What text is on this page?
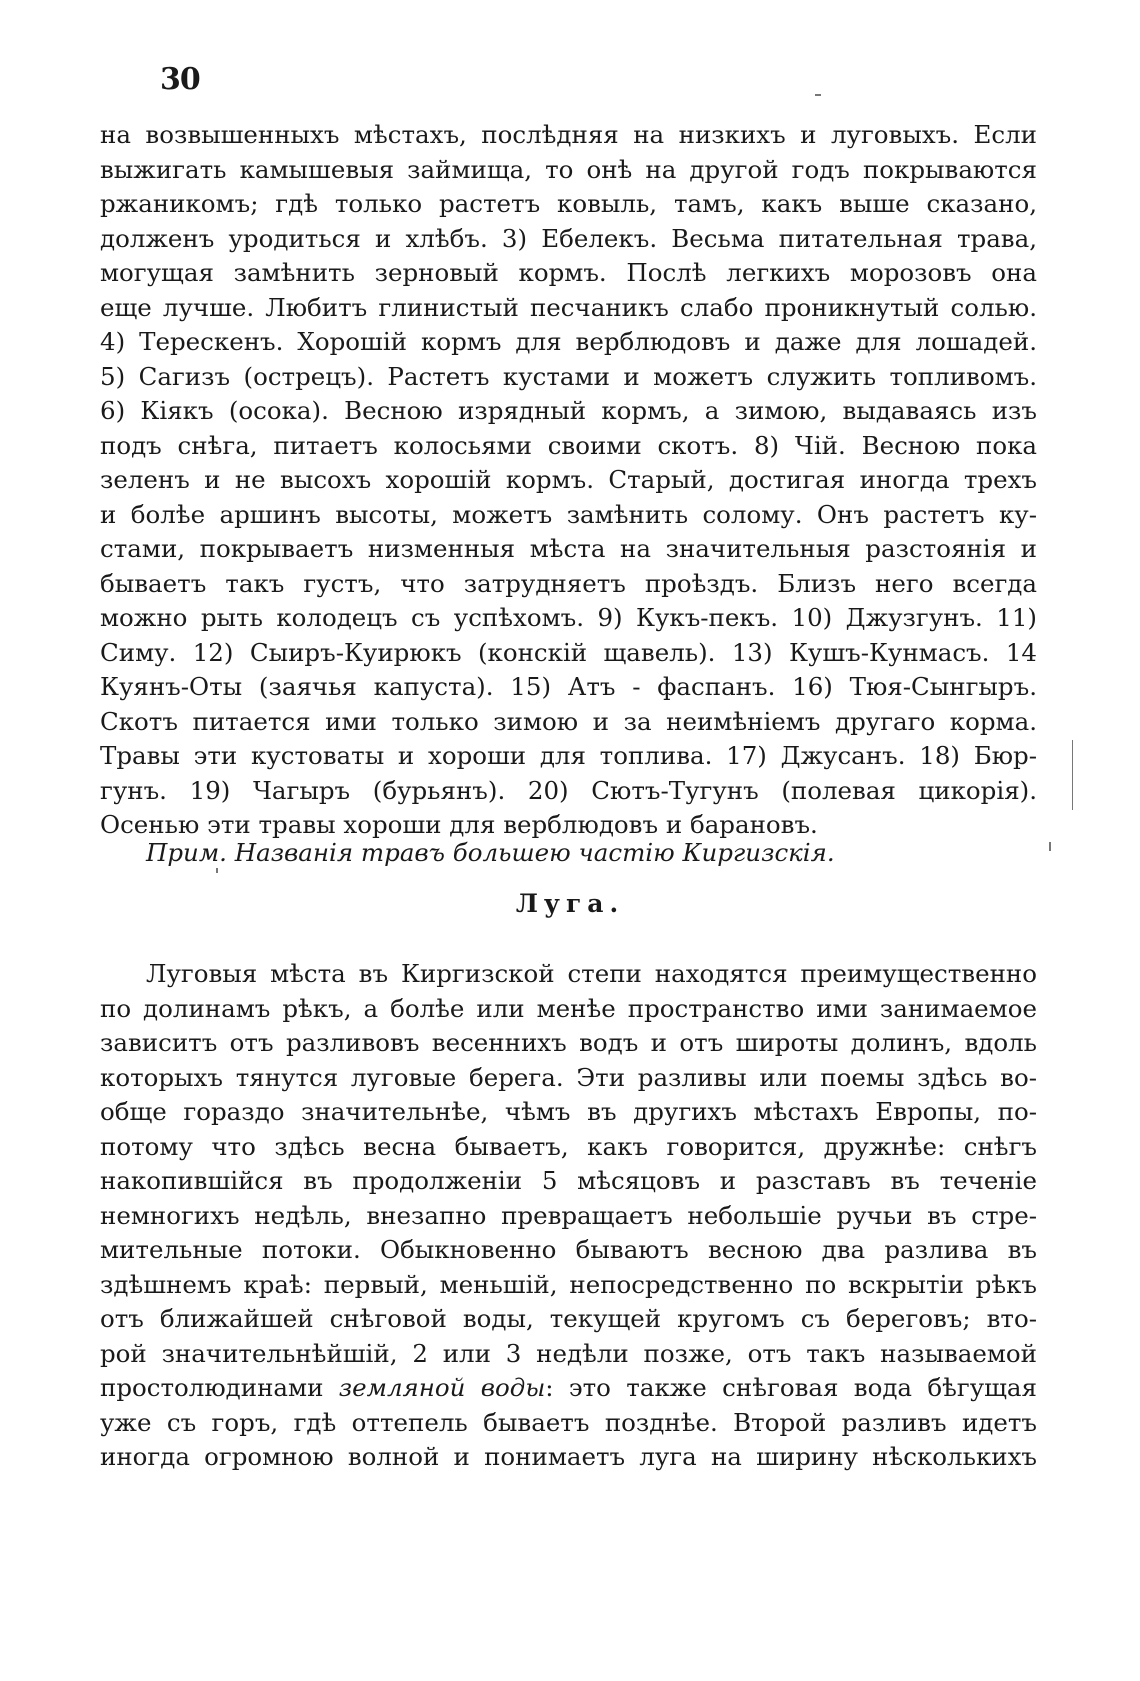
30
на возвышенныхъ мѣстахъ, послѣдняя на низкихъ и луговыхъ. Если
выжигать камышевыя займища, то онѣ на другой годъ покрываются
ржаникомъ; гдѣ только растетъ ковыль, тамъ, какъ выше сказано,
долженъ уродиться и хлѣбъ. 3) Ебелекъ. Весьма питательная трава,
могущая замѣнить зерновый кормъ. Послѣ легкихъ морозовъ она
еще лучше. Любитъ глинистый песчаникъ слабо проникнутый солью.
4) Терескенъ. Хорошій кормъ для верблюдовъ и даже для лошадей.
5) Сагизъ (острецъ). Растетъ кустами и можетъ служить топливомъ.
6) Кіякъ (осока). Весною изрядный кормъ, а зимою, выдаваясь изъ
подъ снѣга, питаетъ колосьями своими скотъ. 8) Чій. Весною пока
зеленъ и не высохъ хорошій кормъ. Старый, достигая иногда трехъ
и болѣе аршинъ высоты, можетъ замѣнить солому. Онъ растетъ ку-
стами, покрываетъ низменныя мѣста на значительныя разстоянія и
бываетъ такъ густъ, что затрудняетъ проѣздъ. Близъ него всегда
можно рыть колодецъ съ успѣхомъ. 9) Кукъ-пекъ. 10) Джузгунъ. 11)
Симу. 12) Сыиръ-Куирюкъ (конскій щавель). 13) Кушъ-Кунмасъ. 14
Куянъ-Оты (заячья капуста). 15) Атъ - фаспанъ. 16) Тюя-Сынгыръ.
Скотъ питается ими только зимою и за неимѣніемъ другаго корма.
Травы эти кустоваты и хороши для топлива. 17) Джусанъ. 18) Бюр-
гунъ. 19) Чагыръ (бурьянъ). 20) Сютъ-Тугунъ (полевая цикорія).
Осенью эти травы хороши для верблюдовъ и барановъ.
Прим. Названія травъ большею частію Киргизскія.
Луга.
Луговыя мѣста въ Киргизской степи находятся преимущественно
по долинамъ рѣкъ, а болѣе или менѣе пространство ими занимаемое
зависитъ отъ разливовъ весеннихъ водъ и отъ широты долинъ, вдоль
которыхъ тянутся луговые берега. Эти разливы или поемы здѣсь во-
обще гораздо значительнѣе, чѣмъ въ другихъ мѣстахъ Европы, по-
потому что здѣсь весна бываетъ, какъ говорится, дружнѣе: снѣгъ
накопившійся въ продолженіи 5 мѣсяцовъ и разставъ въ теченіе
немногихъ недѣль, внезапно превращаетъ небольшіе ручьи въ стре-
мительные потоки. Обыкновенно бываютъ весною два разлива въ
здѣшнемъ краѣ: первый, меньшій, непосредственно по вскрытіи рѣкъ
отъ ближайшей снѣговой воды, текущей кругомъ съ береговъ; вто-
рой значительнѣйшій, 2 или 3 недѣли позже, отъ такъ называемой
простолюдинами земляной воды: это также снѣговая вода бѣгущая
уже съ горъ, гдѣ оттепель бываетъ позднѣе. Второй разливъ идетъ
иногда огромною волной и понимаетъ луга на ширину нѣсколькихъ
